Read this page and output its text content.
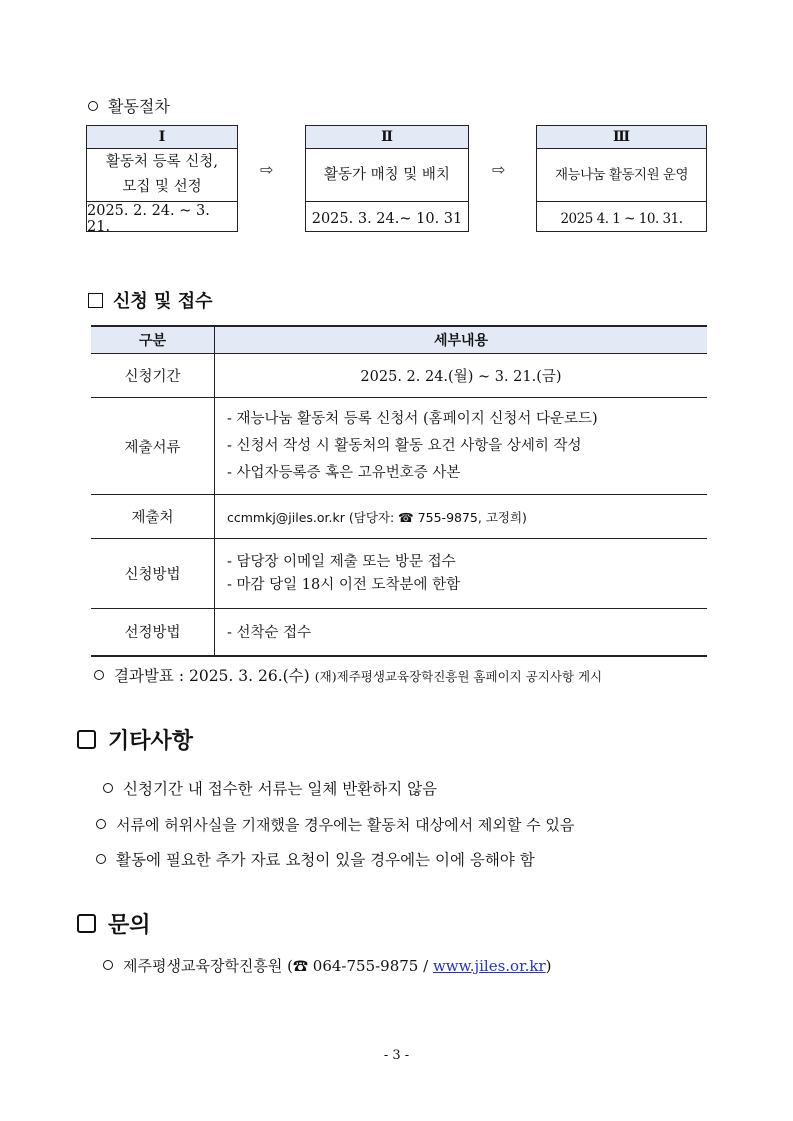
활동절차
Ⅰ
활동처 등록 신청,
모집 및 선정
2025. 2. 24. ~ 3. 21.
⇨
Ⅱ
활동가 매칭 및 배치
2025. 3. 24.~ 10. 31
⇨
Ⅲ
재능나눔 활동지원 운영
2025 4. 1 ~ 10. 31.
신청 및 접수
구분	세부내용
신청기간	2025. 2. 24.(월) ~ 3. 21.(금)
제출서류	- 재능나눔 활동처 등록 신청서 (홈페이지 신청서 다운로드)
- 신청서 작성 시 활동처의 활동 요건 사항을 상세히 작성
- 사업자등록증 혹은 고유번호증 사본

제출처	ccmmkj@jiles.or.kr (담당자: ☎ 755-9875, 고정희)
신청방법	- 담당장 이메일 제출 또는 방문 접수
- 마감 당일 18시 이전 도착분에 한함

선정방법	- 선착순 접수
결과발표 : 2025. 3. 26.(수) (재)제주평생교육장학진흥원 홈페이지 공지사항 게시
기타사항
신청기간 내 접수한 서류는 일체 반환하지 않음
서류에 허위사실을 기재했을 경우에는 활동처 대상에서 제외할 수 있음
활동에 필요한 추가 자료 요청이 있을 경우에는 이에 응해야 함
문의
제주평생교육장학진흥원 (☎ 064-755-9875 / www.jiles.or.kr)
- 3 -
